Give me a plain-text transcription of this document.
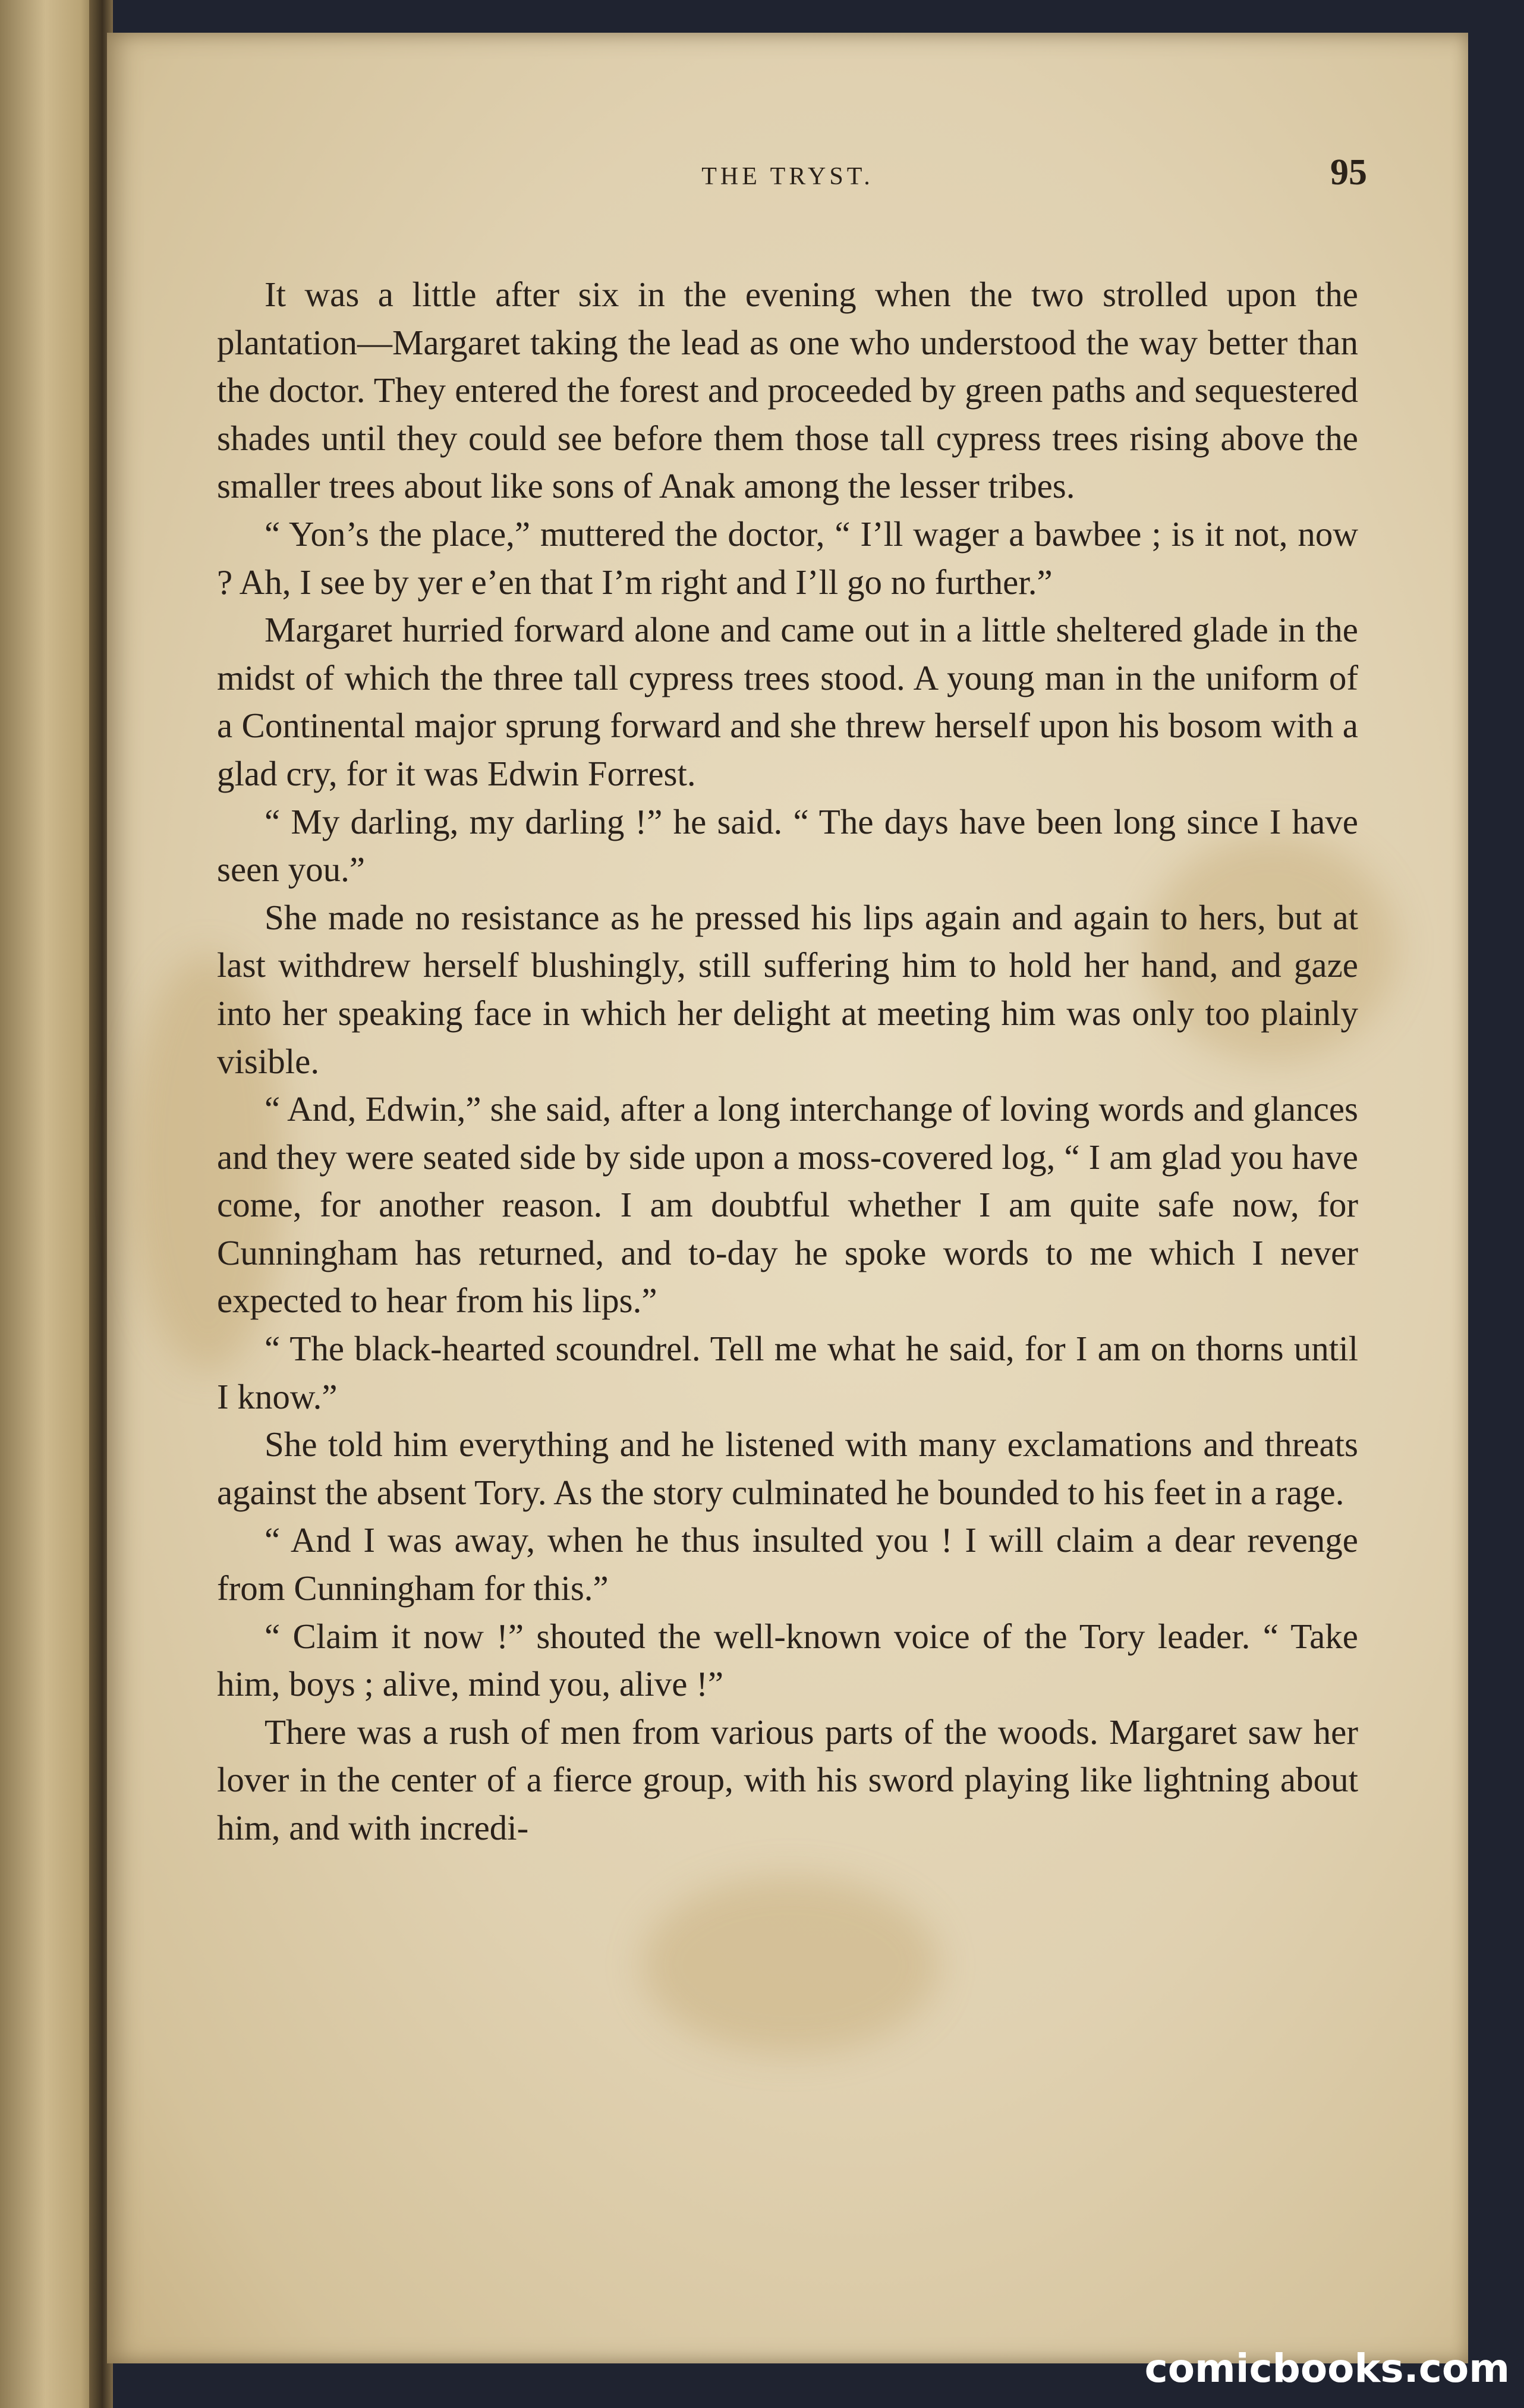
THE TRYST.	95

It was a little after six in the evening when the two strolled upon the plantation—Margaret taking the lead as one who understood the way better than the doctor. They entered the forest and proceeded by green paths and sequestered shades until they could see before them those tall cypress trees rising above the smaller trees about like sons of Anak among the lesser tribes.

“ Yon’s the place,” muttered the doctor, “ I’ll wager a bawbee ; is it not, now ? Ah, I see by yer e’en that I’m right and I’ll go no further.”

Margaret hurried forward alone and came out in a little sheltered glade in the midst of which the three tall cypress trees stood. A young man in the uniform of a Continental major sprung forward and she threw herself upon his bosom with a glad cry, for it was Edwin Forrest.

“ My darling, my darling !” he said. “ The days have been long since I have seen you.”

She made no resistance as he pressed his lips again and again to hers, but at last withdrew herself blushingly, still suffering him to hold her hand, and gaze into her speaking face in which her delight at meeting him was only too plainly visible.

“ And, Edwin,” she said, after a long interchange of loving words and glances and they were seated side by side upon a moss-covered log, “ I am glad you have come, for another reason. I am doubtful whether I am quite safe now, for Cunningham has returned, and to-day he spoke words to me which I never expected to hear from his lips.”

“ The black-hearted scoundrel. Tell me what he said, for I am on thorns until I know.”

She told him everything and he listened with many exclamations and threats against the absent Tory. As the story culminated he bounded to his feet in a rage.

“ And I was away, when he thus insulted you ! I will claim a dear revenge from Cunningham for this.”

“ Claim it now !” shouted the well-known voice of the Tory leader. “ Take him, boys ; alive, mind you, alive !”

There was a rush of men from various parts of the woods. Margaret saw her lover in the center of a fierce group, with his sword playing like lightning about him, and with incredi-

comicbooks.com
